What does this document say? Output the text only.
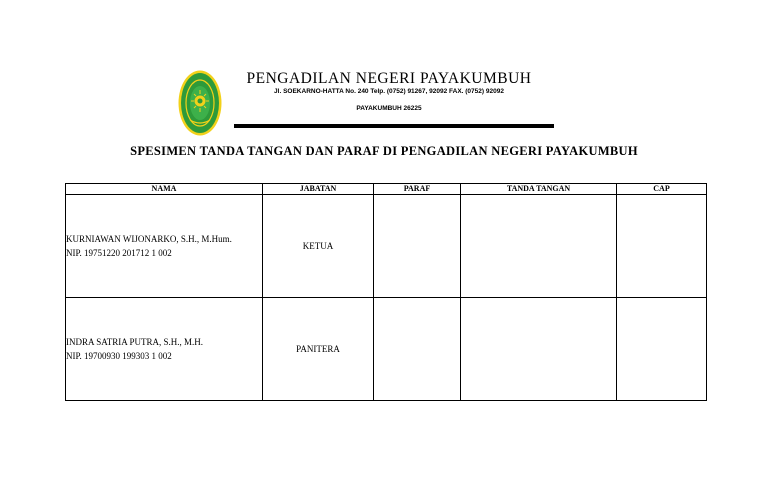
PENGADILAN NEGERI PAYAKUMBUH
Jl. SOEKARNO-HATTA No. 240 Telp. (0752) 91267, 92092 FAX. (0752) 92092
PAYAKUMBUH 26225
SPESIMEN TANDA TANGAN DAN PARAF DI PENGADILAN NEGERI PAYAKUMBUH
NAMA	JABATAN	PARAF	TANDA TANGAN	CAP

KURNIAWAN WIJONARKO, S.H., M.Hum.
NIP. 19751220 201712 1 002	KETUA			

INDRA SATRIA PUTRA, S.H., M.H.
NIP. 19700930 199303 1 002	PANITERA			
